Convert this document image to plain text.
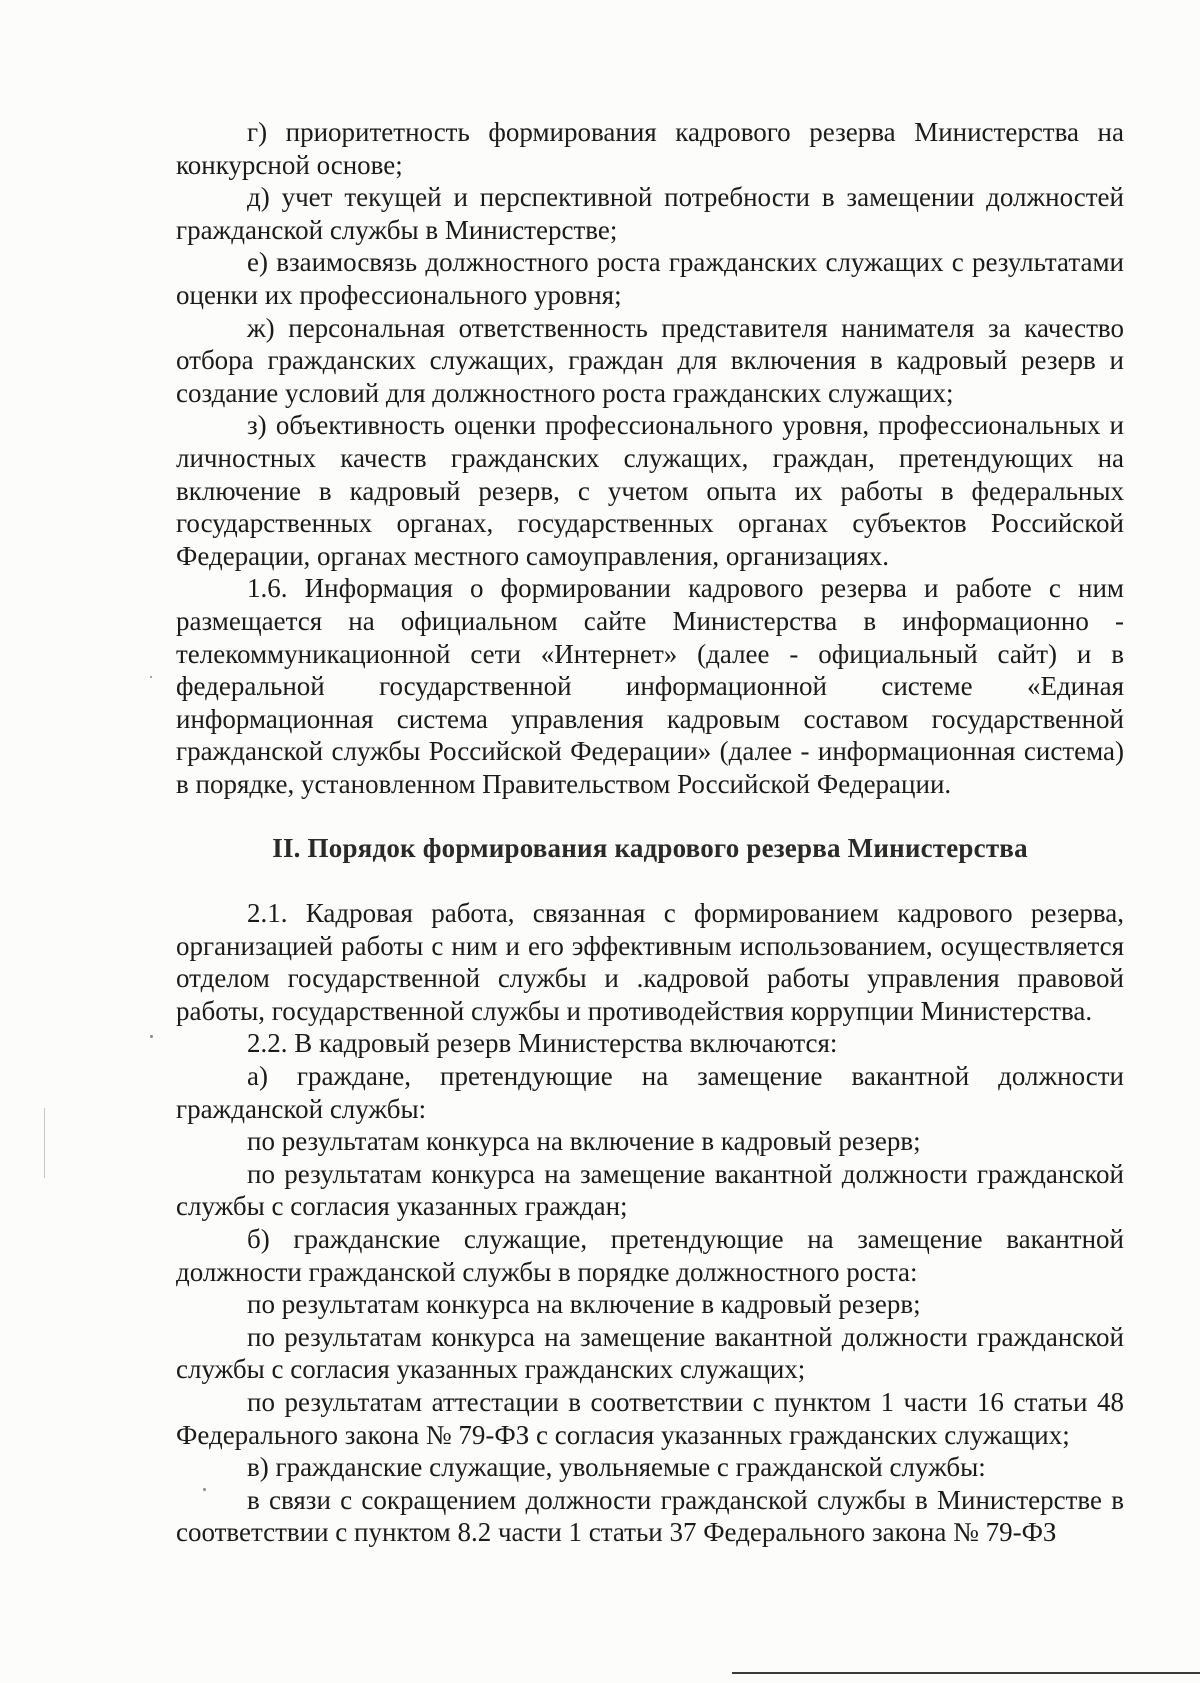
г) приоритетность формирования кадрового резерва Министерства на конкурсной основе;

д) учет текущей и перспективной потребности в замещении должностей гражданской службы в Министерстве;

е) взаимосвязь должностного роста гражданских служащих с результатами оценки их профессионального уровня;

ж) персональная ответственность представителя нанимателя за качество отбора гражданских служащих, граждан для включения в кадровый резерв и создание условий для должностного роста гражданских служащих;

з) объективность оценки профессионального уровня, профессиональных и личностных качеств гражданских служащих, граждан, претендующих на включение в кадровый резерв, с учетом опыта их работы в федеральных государственных органах, государственных органах субъектов Российской Федерации, органах местного самоуправления, организациях.

1.6. Информация о формировании кадрового резерва и работе с ним размещается на официальном сайте Министерства в информационно - телекоммуникационной сети «Интернет» (далее - официальный сайт) и в федеральной государственной информационной системе «Единая информационная система управления кадровым составом государственной гражданской службы Российской Федерации» (далее - информационная система) в порядке, установленном Правительством Российской Федерации.

II. Порядок формирования кадрового резерва Министерства

2.1. Кадровая работа, связанная с формированием кадрового резерва, организацией работы с ним и его эффективным использованием, осуществляется отделом государственной службы и .кадровой работы управления правовой работы, государственной службы и противодействия коррупции Министерства.

2.2. В кадровый резерв Министерства включаются:

а) граждане, претендующие на замещение вакантной должности гражданской службы:

по результатам конкурса на включение в кадровый резерв;

по результатам конкурса на замещение вакантной должности гражданской службы с согласия указанных граждан;

б) гражданские служащие, претендующие на замещение вакантной должности гражданской службы в порядке должностного роста:

по результатам конкурса на включение в кадровый резерв;

по результатам конкурса на замещение вакантной должности гражданской службы с согласия указанных гражданских служащих;

по результатам аттестации в соответствии с пунктом 1 части 16 статьи 48 Федерального закона № 79-ФЗ с согласия указанных гражданских служащих;

в) гражданские служащие, увольняемые с гражданской службы:

в связи с сокращением должности гражданской службы в Министерстве в соответствии с пунктом 8.2 части 1 статьи 37 Федерального закона № 79-ФЗ
